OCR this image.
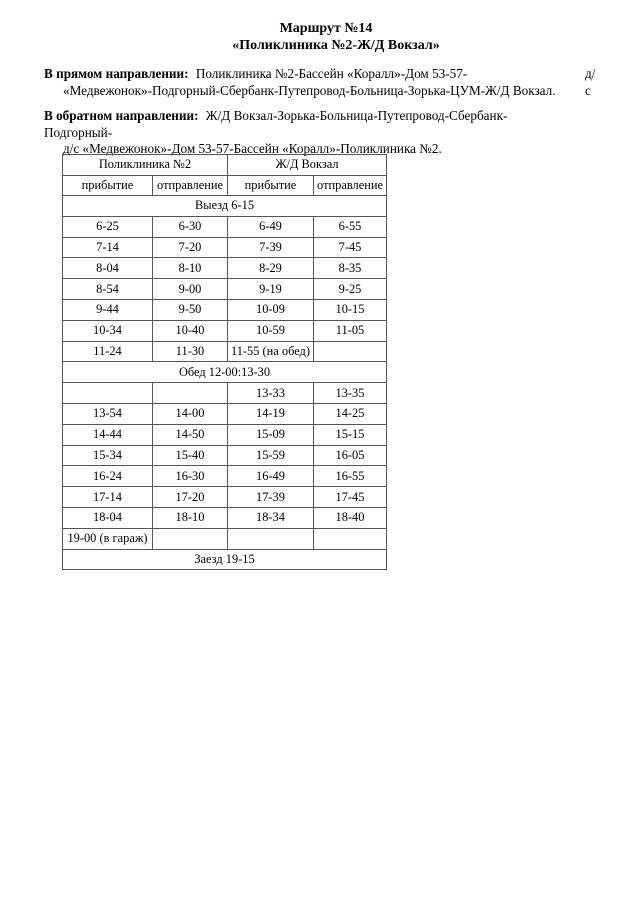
Маршрут №14
«Поликлиника №2-Ж/Д Вокзал»
В прямом направлении: Поликлиника №2-Бассейн «Коралл»-Дом 53-57-	д/с
«Медвежонок»-Подгорный-Сбербанк-Путепровод-Больница-Зорька-ЦУМ-Ж/Д Вокзал.
В обратном направлении: Ж/Д Вокзал-Зорька-Больница-Путепровод-Сбербанк-Подгорный-
д/с «Медвежонок»-Дом 53-57-Бассейн «Коралл»-Поликлиника №2.
Поликлиника №2		Ж/Д Вокзал	
прибытие	отправление	прибытие	отправление
Выезд 6-15			
6-25	6-30	6-49	6-55
7-14	7-20	7-39	7-45
8-04	8-10	8-29	8-35
8-54	9-00	9-19	9-25
9-44	9-50	10-09	10-15
10-34	10-40	10-59	11-05
11-24	11-30	11-55 (на обед)	
Обед 12-00:13-30			
		13-33	13-35
13-54	14-00	14-19	14-25
14-44	14-50	15-09	15-15
15-34	15-40	15-59	16-05
16-24	16-30	16-49	16-55
17-14	17-20	17-39	17-45
18-04	18-10	18-34	18-40
19-00 (в гараж)			
Заезд 19-15			
